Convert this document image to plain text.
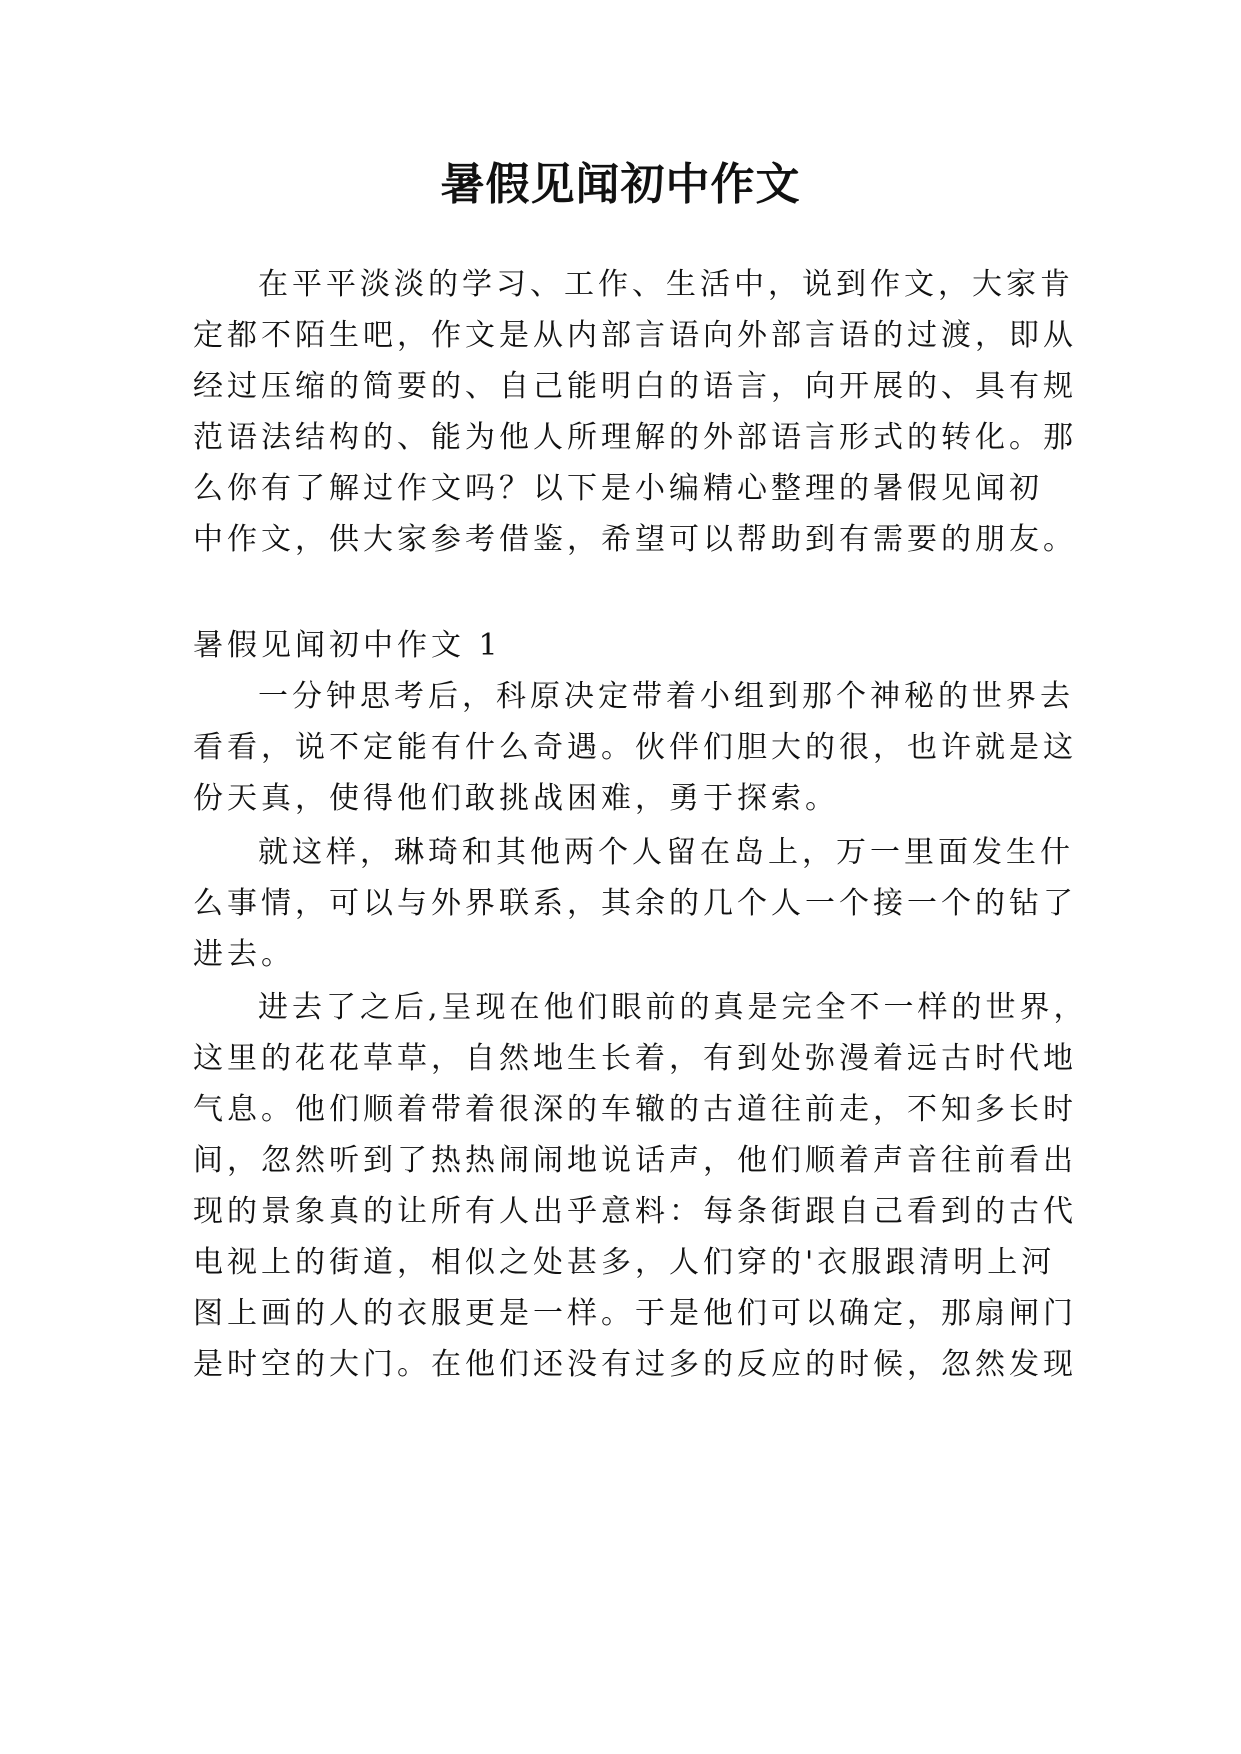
暑假见闻初中作文

在平平淡淡的学习、工作、生活中，说到作文，大家肯

定都不陌生吧，作文是从内部言语向外部言语的过渡，即从

经过压缩的简要的、自己能明白的语言，向开展的、具有规

范语法结构的、能为他人所理解的外部语言形式的转化。那

么你有了解过作文吗？以下是小编精心整理的暑假见闻初

中作文，供大家参考借鉴，希望可以帮助到有需要的朋友。

暑假见闻初中作文 1

一分钟思考后，科原决定带着小组到那个神秘的世界去

看看，说不定能有什么奇遇。伙伴们胆大的很，也许就是这

份天真，使得他们敢挑战困难，勇于探索。

就这样，琳琦和其他两个人留在岛上，万一里面发生什

么事情，可以与外界联系，其余的几个人一个接一个的钻了

进去。

进去了之后,呈现在他们眼前的真是完全不一样的世界，

这里的花花草草，自然地生长着，有到处弥漫着远古时代地

气息。他们顺着带着很深的车辙的古道往前走，不知多长时

间，忽然听到了热热闹闹地说话声，他们顺着声音往前看出

现的景象真的让所有人出乎意料：每条街跟自己看到的古代

电视上的街道，相似之处甚多，人们穿的'衣服跟清明上河

图上画的人的衣服更是一样。于是他们可以确定，那扇闸门

是时空的大门。在他们还没有过多的反应的时候，忽然发现
